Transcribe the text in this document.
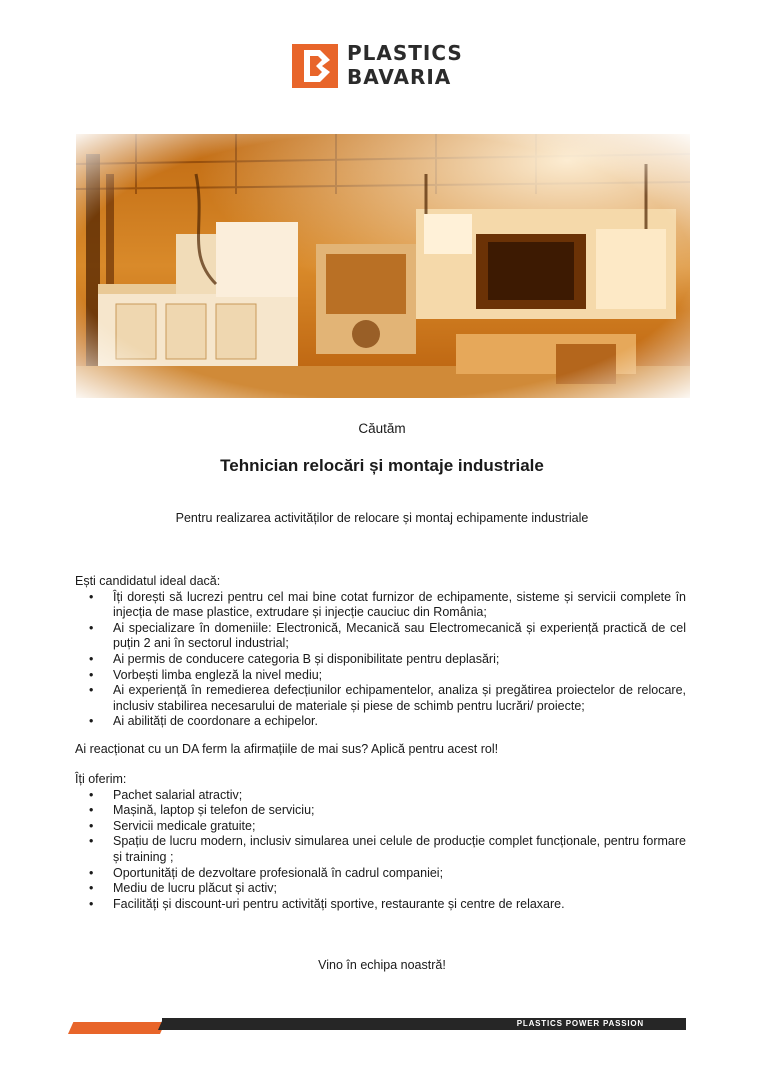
PLASTICS
BAVARIA
Căutăm
Tehnician relocări și montaje industriale
Pentru realizarea activităților de relocare și montaj echipamente industriale

Ești candidatul ideal dacă:

• Îți dorești să lucrezi pentru cel mai bine cotat furnizor de echipamente, sisteme și servicii complete în injecția de mase plastice, extrudare și injecție cauciuc din România;
• Ai specializare în domeniile: Electronică, Mecanică sau Electromecanică și experiență practică de cel puțin 2 ani în sectorul industrial;
• Ai permis de conducere categoria B și disponibilitate pentru deplasări;
• Vorbești limba engleză la nivel mediu;
• Ai experiență în remedierea defecțiunilor echipamentelor, analiza și pregătirea proiectelor de relocare, inclusiv stabilirea necesarului de materiale și piese de schimb pentru lucrări/ proiecte;
• Ai abilități de coordonare a echipelor.
Ai reacționat cu un DA ferm la afirmațiile de mai sus? Aplică pentru acest rol!

Îți oferim:

• Pachet salarial atractiv;
• Mașină, laptop și telefon de serviciu;
• Servicii medicale gratuite;
• Spațiu de lucru modern, inclusiv simularea unei celule de producție complet funcționale, pentru formare și training ;
• Oportunități de dezvoltare profesională în cadrul companiei;
• Mediu de lucru plăcut și activ;
• Facilități și discount-uri pentru activități sportive, restaurante și centre de relaxare.
Vino în echipa noastră!
PLASTICS POWER PASSION
